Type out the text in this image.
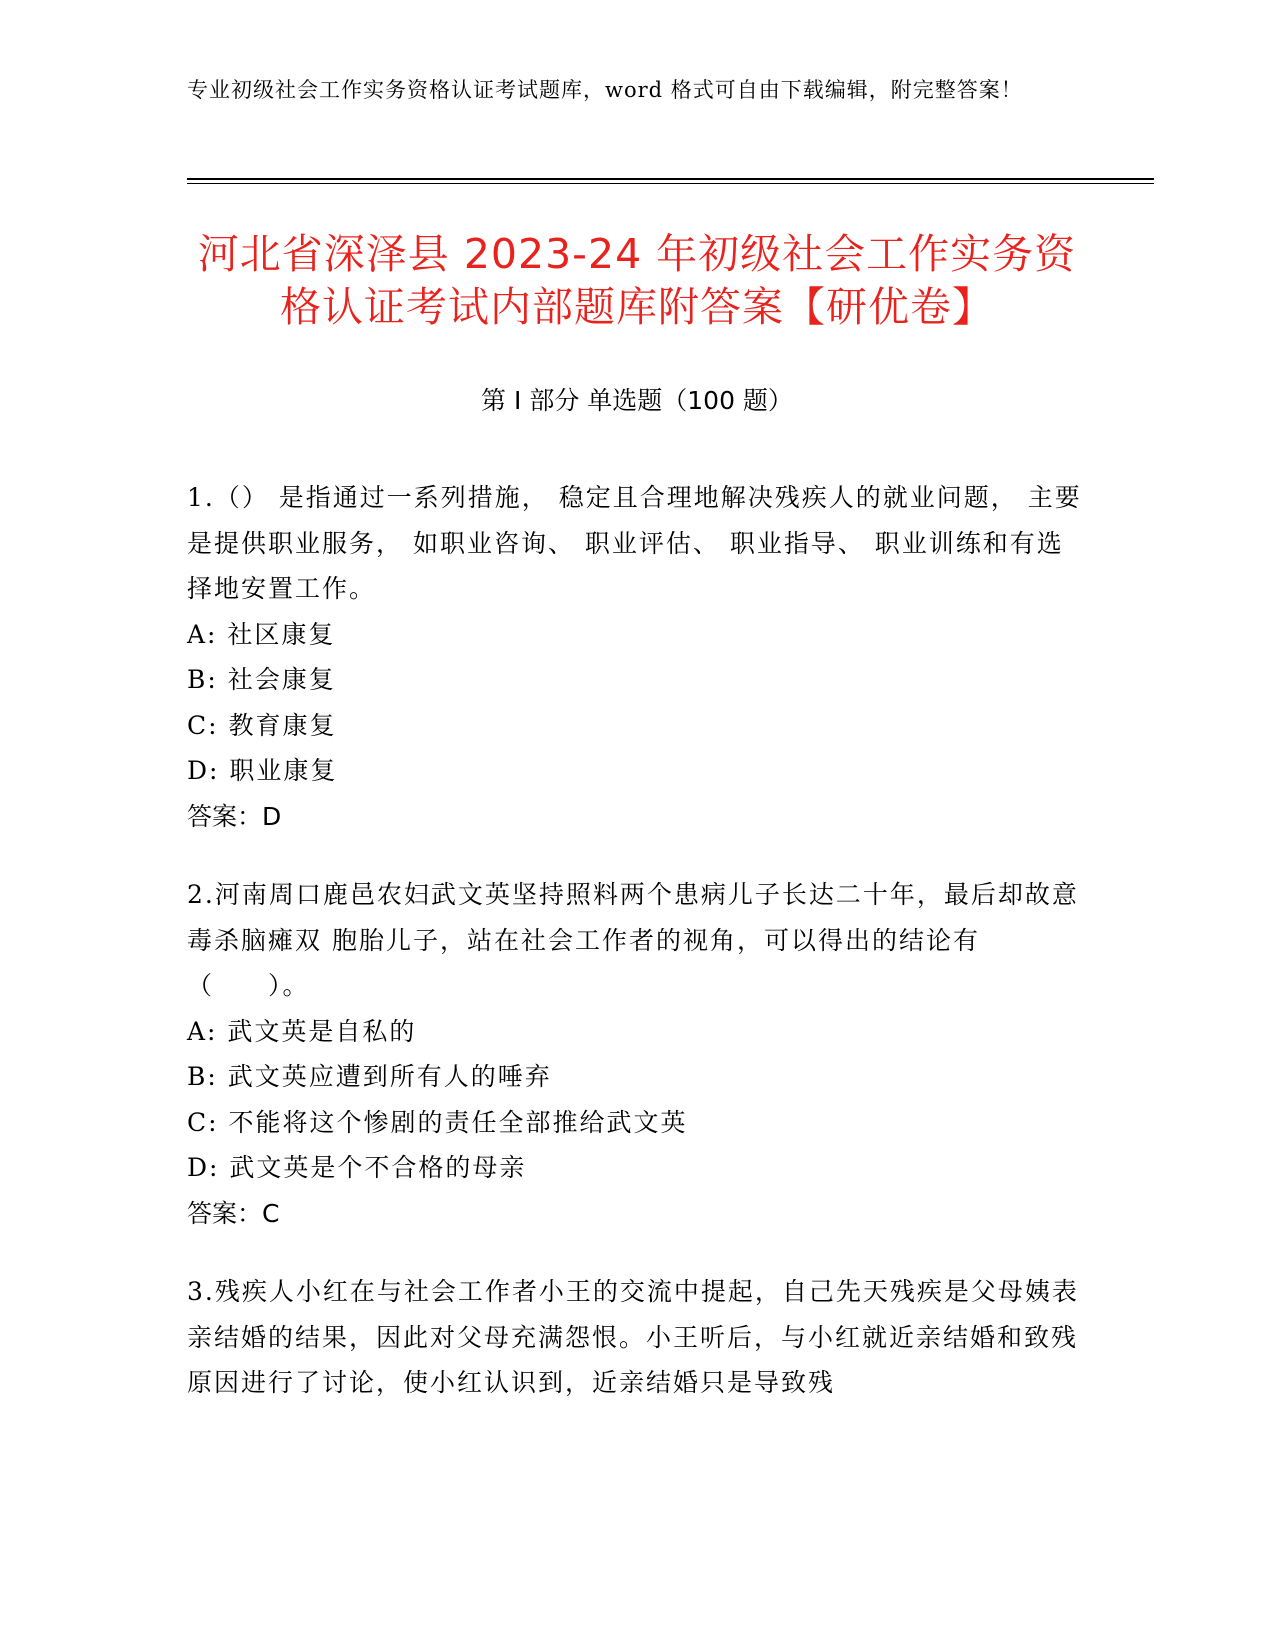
专业初级社会工作实务资格认证考试题库，word 格式可自由下载编辑，附完整答案！
河北省深泽县 2023-24 年初级社会工作实务资格认证考试内部题库附答案【研优卷】
第 I 部分 单选题（100 题）

1.（） 是指通过一系列措施， 稳定且合理地解决残疾人的就业问题， 主要是提供职业服务， 如职业咨询、 职业评估、 职业指导、 职业训练和有选择地安置工作。

A: 社区康复

B: 社会康复

C: 教育康复

D: 职业康复

答案：D

2.河南周口鹿邑农妇武文英坚持照料两个患病儿子长达二十年，最后却故意毒杀脑瘫双 胞胎儿子，站在社会工作者的视角，可以得出的结论有（　　）。

A: 武文英是自私的

B: 武文英应遭到所有人的唾弃

C: 不能将这个惨剧的责任全部推给武文英

D: 武文英是个不合格的母亲

答案：C

3.残疾人小红在与社会工作者小王的交流中提起，自己先天残疾是父母姨表亲结婚的结果，因此对父母充满怨恨。小王听后，与小红就近亲结婚和致残原因进行了讨论，使小红认识到，近亲结婚只是导致残
